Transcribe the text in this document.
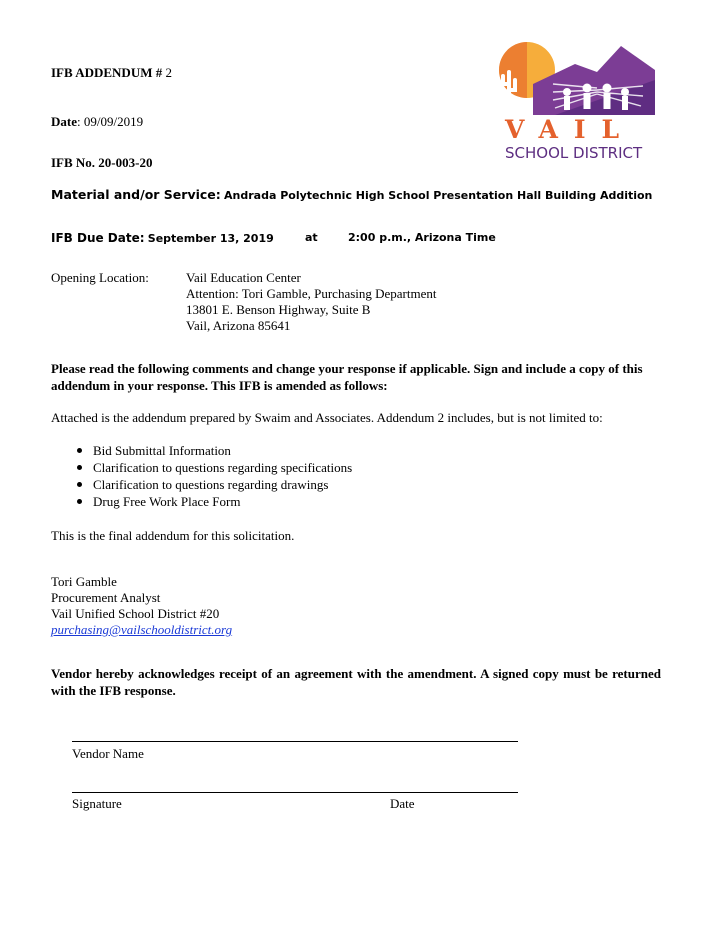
VAIL
SCHOOL DISTRICT
IFB ADDENDUM # 2
Date: 09/09/2019
IFB No. 20-003-20
Material and/or Service: Andrada Polytechnic High School Presentation Hall Building Addition
IFB Due Date: September 13, 2019	at	2:00 p.m., Arizona Time
Opening Location:	Vail Education Center
Attention: Tori Gamble, Purchasing Department
13801 E. Benson Highway, Suite B
Vail, Arizona 85641
Please read the following comments and change your response if applicable. Sign and include a copy of this addendum in your response. This IFB is amended as follows:
Attached is the addendum prepared by Swaim and Associates. Addendum 2 includes, but is not limited to:
Bid Submittal Information
Clarification to questions regarding specifications
Clarification to questions regarding drawings
Drug Free Work Place Form
This is the final addendum for this solicitation.
Tori Gamble
Procurement Analyst
Vail Unified School District #20
purchasing@vailschooldistrict.org
Vendor hereby acknowledges receipt of an agreement with the amendment. A signed copy must be returned with the IFB response.
Vendor Name
Signature	Date
